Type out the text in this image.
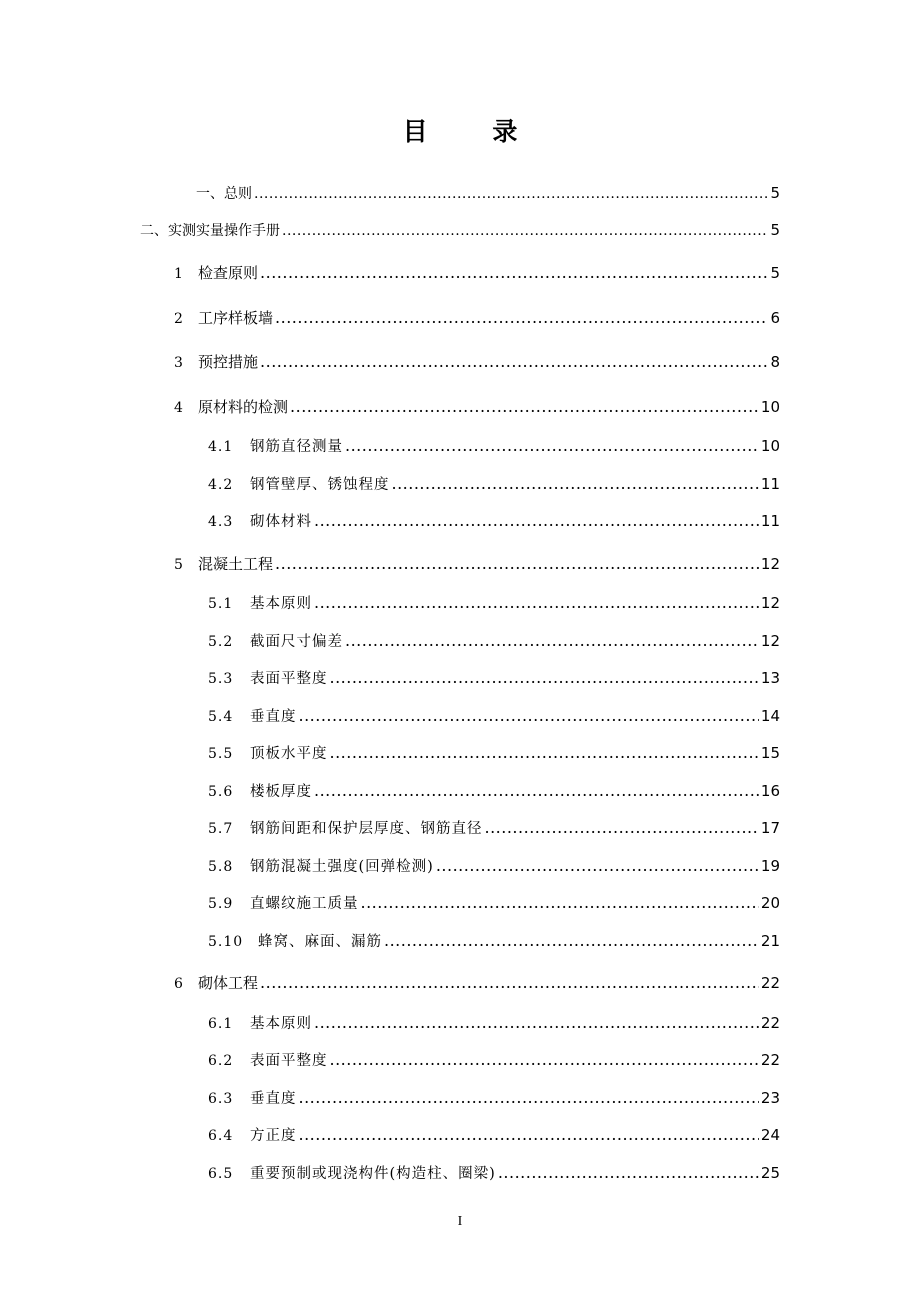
目 录
一、总则 .....	5
二、实测实量操作手册 .....	5
1	检查原则 .....	5
2	工序样板墙 .....	6
3	预控措施 .....	8
4	原材料的检测 .....	10
4.1	钢筋直径测量 .....	10
4.2	钢管壁厚、锈蚀程度 .....	11
4.3	砌体材料 .....	11
5	混凝土工程 .....	12
5.1	基本原则 .....	12
5.2	截面尺寸偏差 .....	12
5.3	表面平整度 .....	13
5.4	垂直度 .....	14
5.5	顶板水平度 .....	15
5.6	楼板厚度 .....	16
5.7	钢筋间距和保护层厚度、钢筋直径 .....	17
5.8	钢筋混凝土强度(回弹检测) .....	19
5.9	直螺纹施工质量 .....	20
5.10	蜂窝、麻面、漏筋 .....	21
6	砌体工程 .....	22
6.1	基本原则 .....	22
6.2	表面平整度 .....	22
6.3	垂直度 .....	23
6.4	方正度 .....	24
6.5	重要预制或现浇构件(构造柱、圈梁) .....	25
I
